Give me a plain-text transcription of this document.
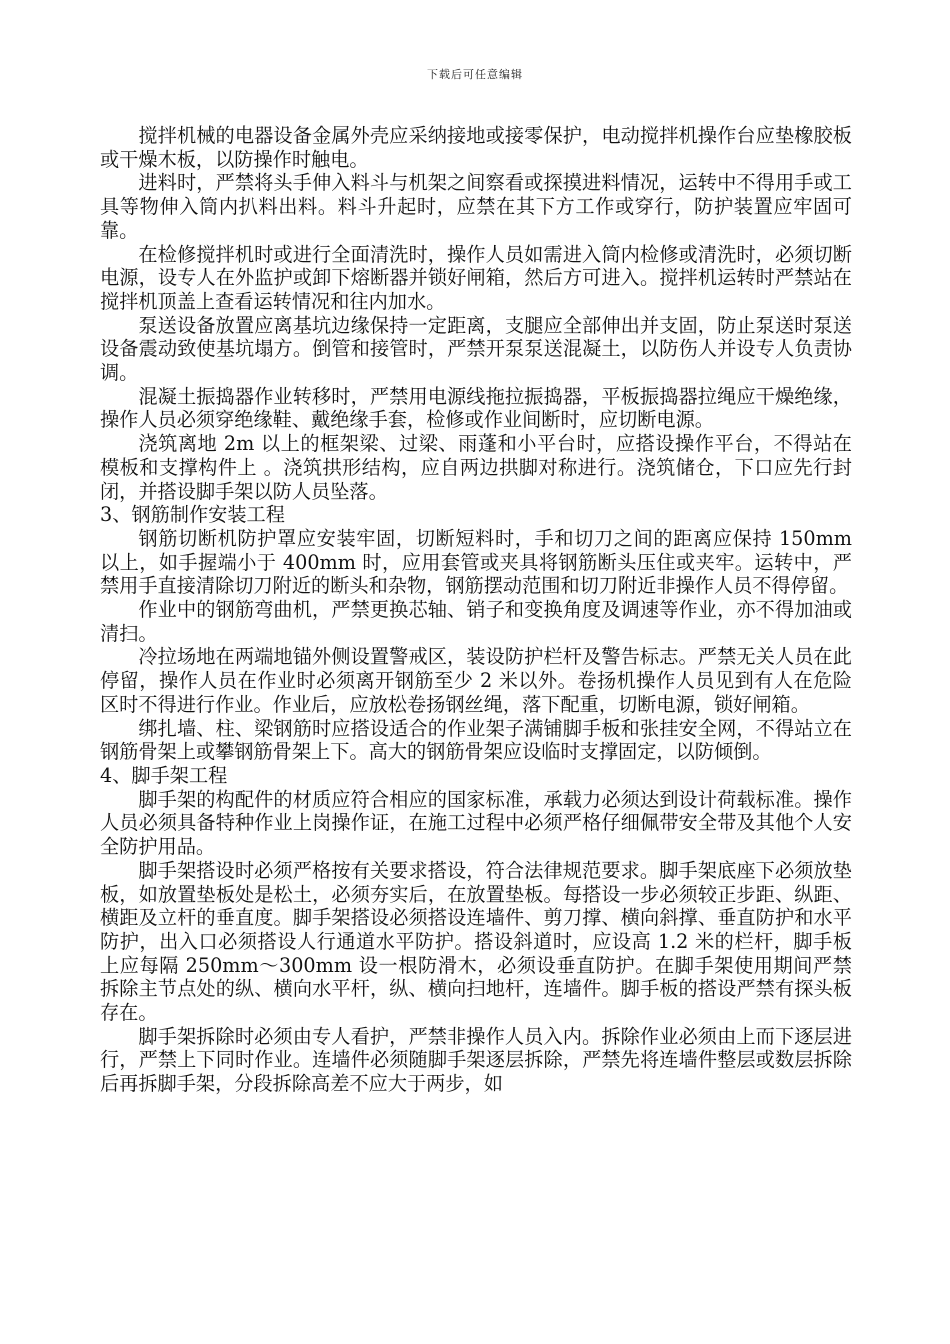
下载后可任意编辑

搅拌机械的电器设备金属外壳应采纳接地或接零保护，电动搅拌机操作台应垫橡胶板或干燥木板，以防操作时触电。

进料时，严禁将头手伸入料斗与机架之间察看或探摸进料情况，运转中不得用手或工具等物伸入筒内扒料出料。料斗升起时，应禁在其下方工作或穿行，防护装置应牢固可靠。

在检修搅拌机时或进行全面清洗时，操作人员如需进入筒内检修或清洗时，必须切断电源，设专人在外监护或卸下熔断器并锁好闸箱，然后方可进入。搅拌机运转时严禁站在搅拌机顶盖上查看运转情况和往内加水。

泵送设备放置应离基坑边缘保持一定距离，支腿应全部伸出并支固，防止泵送时泵送设备震动致使基坑塌方。倒管和接管时，严禁开泵泵送混凝土，以防伤人并设专人负责协调。

混凝土振捣器作业转移时，严禁用电源线拖拉振捣器，平板振捣器拉绳应干燥绝缘，操作人员必须穿绝缘鞋、戴绝缘手套，检修或作业间断时，应切断电源。

浇筑离地 2m 以上的框架梁、过梁、雨蓬和小平台时，应搭设操作平台，不得站在模板和支撑构件上 。浇筑拱形结构，应自两边拱脚对称进行。浇筑储仓，下口应先行封闭，并搭设脚手架以防人员坠落。

3、钢筋制作安装工程

钢筋切断机防护罩应安装牢固，切断短料时，手和切刀之间的距离应保持 150mm 以上，如手握端小于 400mm 时，应用套管或夹具将钢筋断头压住或夹牢。运转中，严禁用手直接清除切刀附近的断头和杂物，钢筋摆动范围和切刀附近非操作人员不得停留。

作业中的钢筋弯曲机，严禁更换芯轴、销子和变换角度及调速等作业，亦不得加油或清扫。

冷拉场地在两端地锚外侧设置警戒区，装设防护栏杆及警告标志。严禁无关人员在此停留，操作人员在作业时必须离开钢筋至少 2 米以外。卷扬机操作人员见到有人在危险区时不得进行作业。作业后，应放松卷扬钢丝绳，落下配重，切断电源，锁好闸箱。

绑扎墙、柱、梁钢筋时应搭设适合的作业架子满铺脚手板和张挂安全网，不得站立在钢筋骨架上或攀钢筋骨架上下。高大的钢筋骨架应设临时支撑固定，以防倾倒。

4、脚手架工程

脚手架的构配件的材质应符合相应的国家标准，承载力必须达到设计荷载标准。操作人员必须具备特种作业上岗操作证，在施工过程中必须严格仔细佩带安全带及其他个人安全防护用品。

脚手架搭设时必须严格按有关要求搭设，符合法律规范要求。脚手架底座下必须放垫板，如放置垫板处是松土，必须夯实后，在放置垫板。每搭设一步必须较正步距、纵距、横距及立杆的垂直度。脚手架搭设必须搭设连墙件、剪刀撑、横向斜撑、垂直防护和水平防护，出入口必须搭设人行通道水平防护。搭设斜道时，应设高 1.2 米的栏杆，脚手板上应每隔 250mm～300mm 设一根防滑木，必须设垂直防护。在脚手架使用期间严禁拆除主节点处的纵、横向水平杆，纵、横向扫地杆，连墙件。脚手板的搭设严禁有探头板存在。

脚手架拆除时必须由专人看护，严禁非操作人员入内。拆除作业必须由上而下逐层进行，严禁上下同时作业。连墙件必须随脚手架逐层拆除，严禁先将连墙件整层或数层拆除后再拆脚手架，分段拆除高差不应大于两步，如
